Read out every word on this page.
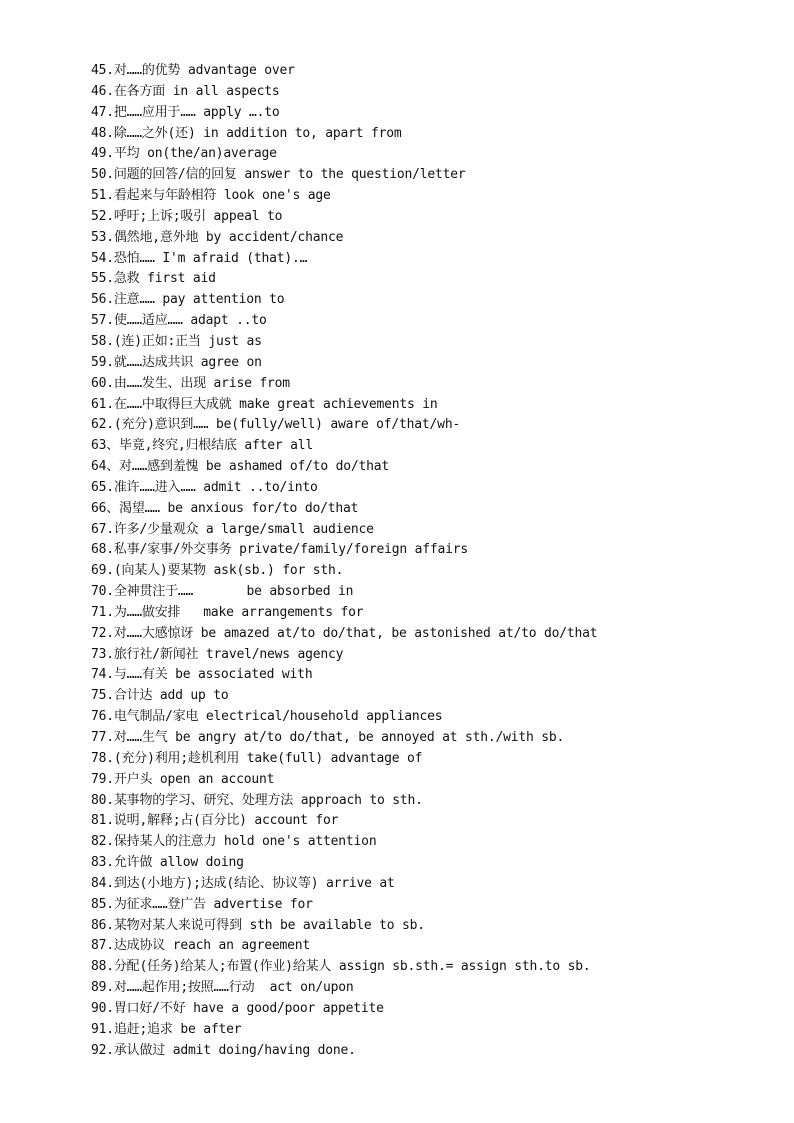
45.对……的优势 advantage over
46.在各方面 in all aspects
47.把……应用于…… apply ….to
48.除……之外(还) in addition to, apart from
49.平均 on(the/an)average
50.问题的回答/信的回复 answer to the question/letter
51.看起来与年龄相符 look one's age
52.呼吁;上诉;吸引 appeal to
53.偶然地,意外地 by accident/chance
54.恐怕…… I'm afraid (that).…
55.急救 first aid
56.注意…… pay attention to
57.使……适应…… adapt ..to
58.(连)正如:正当 just as
59.就……达成共识 agree on
60.由……发生、出现 arise from
61.在……中取得巨大成就 make great achievements in
62.(充分)意识到…… be(fully/well) aware of/that/wh-
63、毕竟,终究,归根结底 after all
64、对……感到羞愧 be ashamed of/to do/that
65.准许……进入…… admit ..to/into
66、渴望…… be anxious for/to do/that
67.许多/少量观众 a large/small audience
68.私事/家事/外交事务 private/family/foreign affairs
69.(向某人)要某物 ask(sb.) for sth.
70.全神贯注于……       be absorbed in
71.为……做安排   make arrangements for
72.对……大感惊讶 be amazed at/to do/that, be astonished at/to do/that
73.旅行社/新闻社 travel/news agency
74.与……有关 be associated with
75.合计达 add up to
76.电气制品/家电 electrical/household appliances
77.对……生气 be angry at/to do/that, be annoyed at sth./with sb.
78.(充分)利用;趁机利用 take(full) advantage of
79.开户头 open an account
80.某事物的学习、研究、处理方法 approach to sth.
81.说明,解释;占(百分比) account for
82.保持某人的注意力 hold one's attention
83.允许做 allow doing
84.到达(小地方);达成(结论、协议等) arrive at
85.为征求……登广告 advertise for
86.某物对某人来说可得到 sth be available to sb.
87.达成协议 reach an agreement
88.分配(任务)给某人;布置(作业)给某人 assign sb.sth.= assign sth.to sb.
89.对……起作用;按照……行动  act on/upon
90.胃口好/不好 have a good/poor appetite
91.追赶;追求 be after
92.承认做过 admit doing/having done.
